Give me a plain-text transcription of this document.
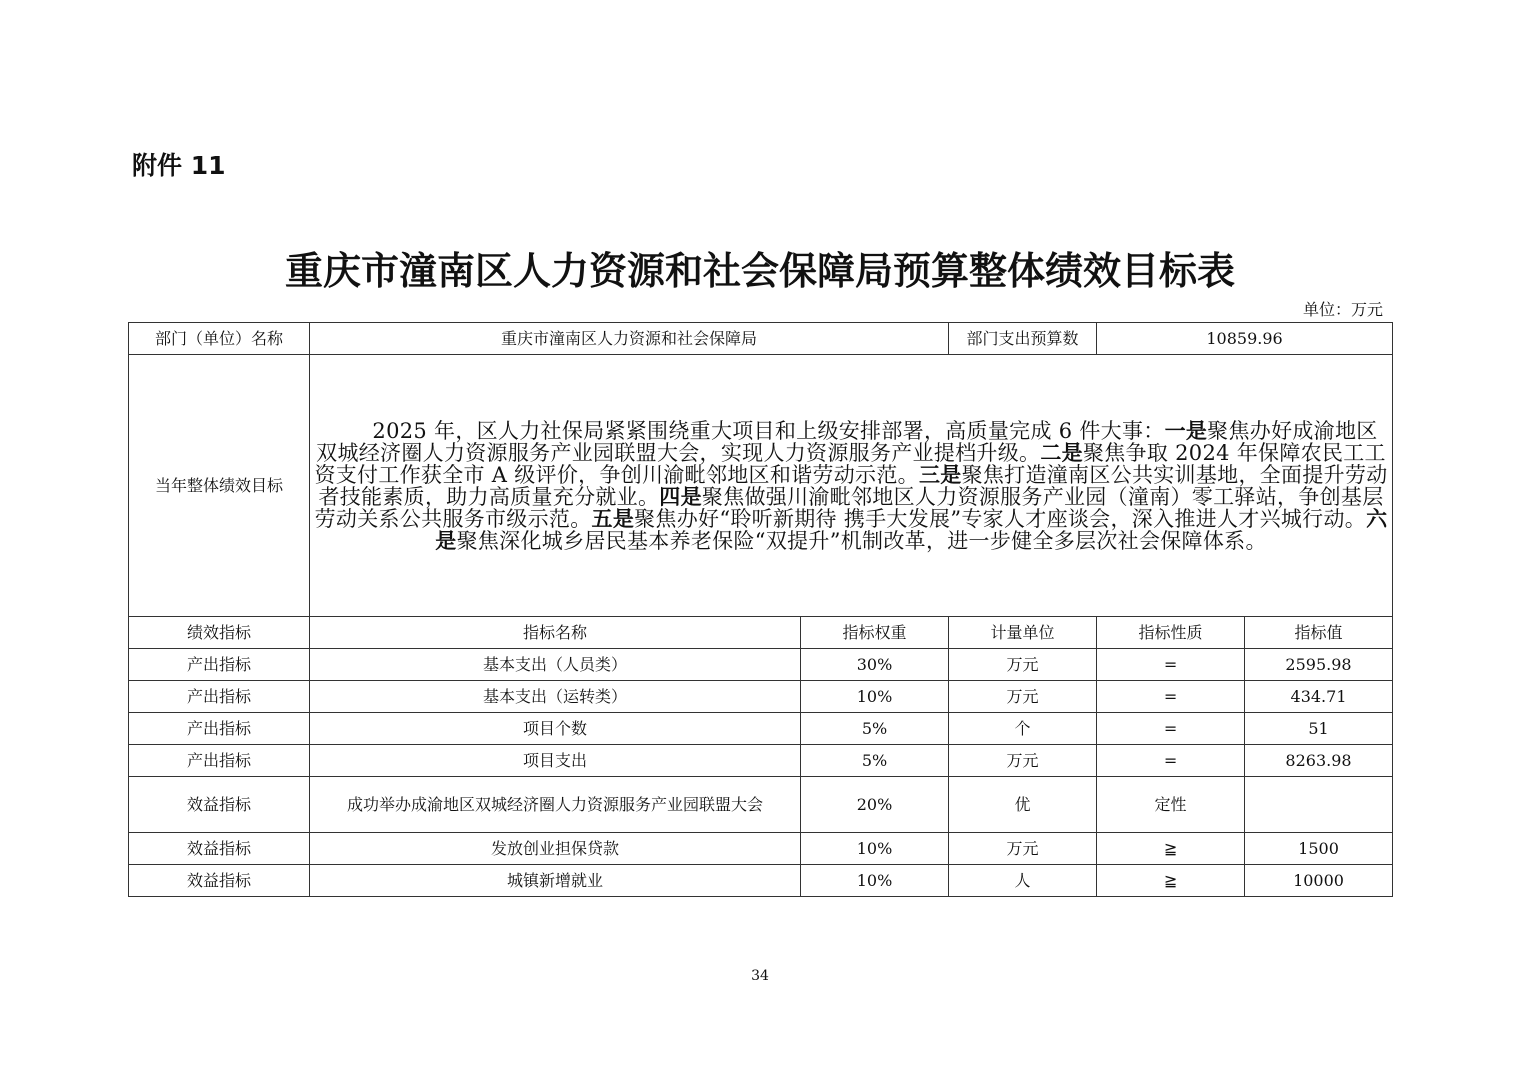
附件 11
重庆市潼南区人力资源和社会保障局预算整体绩效目标表
单位：万元
部门（单位）名称	重庆市潼南区人力资源和社会保障局		部门支出预算数	10859.96	
当年整体绩效目标	2025 年，区人力社保局紧紧围绕重大项目和上级安排部署，高质量完成 6 件大事：一是聚焦办好成渝地区双城经济圈人力资源服务产业园联盟大会，实现人力资源服务产业提档升级。二是聚焦争取 2024 年保障农民工工资支付工作获全市 A 级评价，争创川渝毗邻地区和谐劳动示范。三是聚焦打造潼南区公共实训基地，全面提升劳动者技能素质，助力高质量充分就业。四是聚焦做强川渝毗邻地区人力资源服务产业园（潼南）零工驿站，争创基层劳动关系公共服务市级示范。五是聚焦办好“聆听新期待 携手大发展”专家人才座谈会，深入推进人才兴城行动。六是聚焦深化城乡居民基本养老保险“双提升”机制改革，进一步健全多层次社会保障体系。				
绩效指标	指标名称	指标权重	计量单位	指标性质	指标值
产出指标	基本支出（人员类）	30%	万元	=	2595.98
产出指标	基本支出（运转类）	10%	万元	=	434.71
产出指标	项目个数	5%	个	=	51
产出指标	项目支出	5%	万元	=	8263.98
效益指标	成功举办成渝地区双城经济圈人力资源服务产业园联盟大会	20%	优	定性	
效益指标	发放创业担保贷款	10%	万元	≧	1500
效益指标	城镇新增就业	10%	人	≧	10000
34
